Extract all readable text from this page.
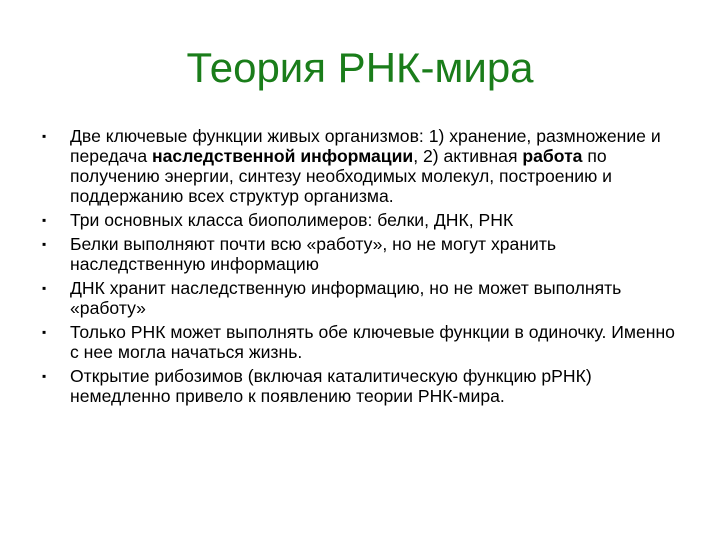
Теория РНК-мира
▪	Две ключевые функции живых организмов: 1) хранение, размножение и передача наследственной информации, 2) активная работа по получению энергии, синтезу необходимых молекул, построению и поддержанию всех структур организма.
▪	Три основных класса биополимеров: белки, ДНК, РНК
▪	Белки выполняют почти всю «работу», но не могут хранить наследственную информацию
▪	ДНК хранит наследственную информацию, но не может выполнять «работу»
▪	Только РНК может выполнять обе ключевые функции в одиночку. Именно с нее могла начаться жизнь.
▪	Открытие рибозимов (включая каталитическую функцию рРНК) немедленно привело к появлению теории РНК-мира.
